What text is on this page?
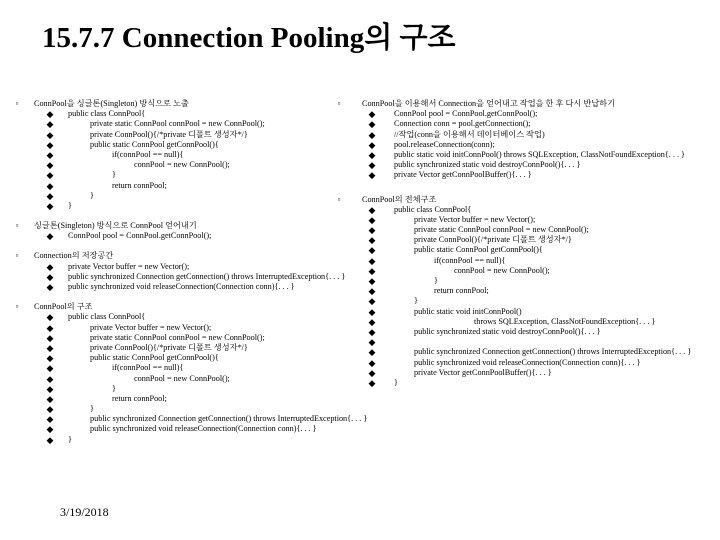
15.7.7 Connection Pooling의 구조
▫	ConnPool을 싱글톤(Singleton) 방식으로 노출
◆ public class ConnPool{
◆	private static ConnPool connPool = new ConnPool();
◆	private ConnPool(){/*private 디폴트 생성자*/}
◆	public static ConnPool getConnPool(){
◆	if(connPool == null){
◆	connPool = new ConnPool();
◆	}
◆	return connPool;
◆	}
◆ }
▫	싱글톤(Singleton) 방식으로 ConnPool 얻어내기
◆ ConnPool pool = ConnPool.getConnPool();
▫	Connection의 저장공간
◆ private Vector buffer = new Vector();
◆ public synchronized Connection getConnection() throws InterruptedException{. . . }
◆ public synchronized void releaseConnection(Connection conn){. . . }
▫	ConnPool의 구조
◆ public class ConnPool{
◆	private Vector buffer = new Vector();
◆	private static ConnPool connPool = new ConnPool();
◆	private ConnPool(){/*private 디폴트 생성자*/}
◆	public static ConnPool getConnPool(){
◆	if(connPool == null){
◆	connPool = new ConnPool();
◆	}
◆	return connPool;
◆	}
◆	public synchronized Connection getConnection() throws InterruptedException{. . . }
◆	public synchronized void releaseConnection(Connection conn){. . . }
◆ }
▫	ConnPool을 이용해서 Connection을 얻어내고 작업을 한 후 다시 반납하기
◆ ConnPool pool = ConnPool.getConnPool();
◆ Connection conn = pool.getConnection();
◆ //작업(conn을 이용해서 데이터베이스 작업)
◆ pool.releaseConnection(conn);
◆ public static void initConnPool() throws SQLException, ClassNotFoundException{. . . }
◆ public synchronized static void destroyConnPool(){. . . }
◆ private Vector getConnPoolBuffer(){. . . }
▫	ConnPool의 전체구조
◆ public class ConnPool{
◆	private Vector buffer = new Vector();
◆	private static ConnPool connPool = new ConnPool();
◆	private ConnPool(){/*private 디폴트 생성자*/}
◆	public static ConnPool getConnPool(){
◆	if(connPool == null){
◆	connPool = new ConnPool();
◆	}
◆	return connPool;
◆	}
◆	public static void initConnPool()
◆	throws SQLException, ClassNotFoundException{. . . }
◆	public synchronized static void destroyConnPool(){. . . }
◆
◆	public synchronized Connection getConnection() throws InterruptedException{. . . }
◆	public synchronized void releaseConnection(Connection conn){. . . }
◆	private Vector getConnPoolBuffer(){. . . }
◆ }
3/19/2018
